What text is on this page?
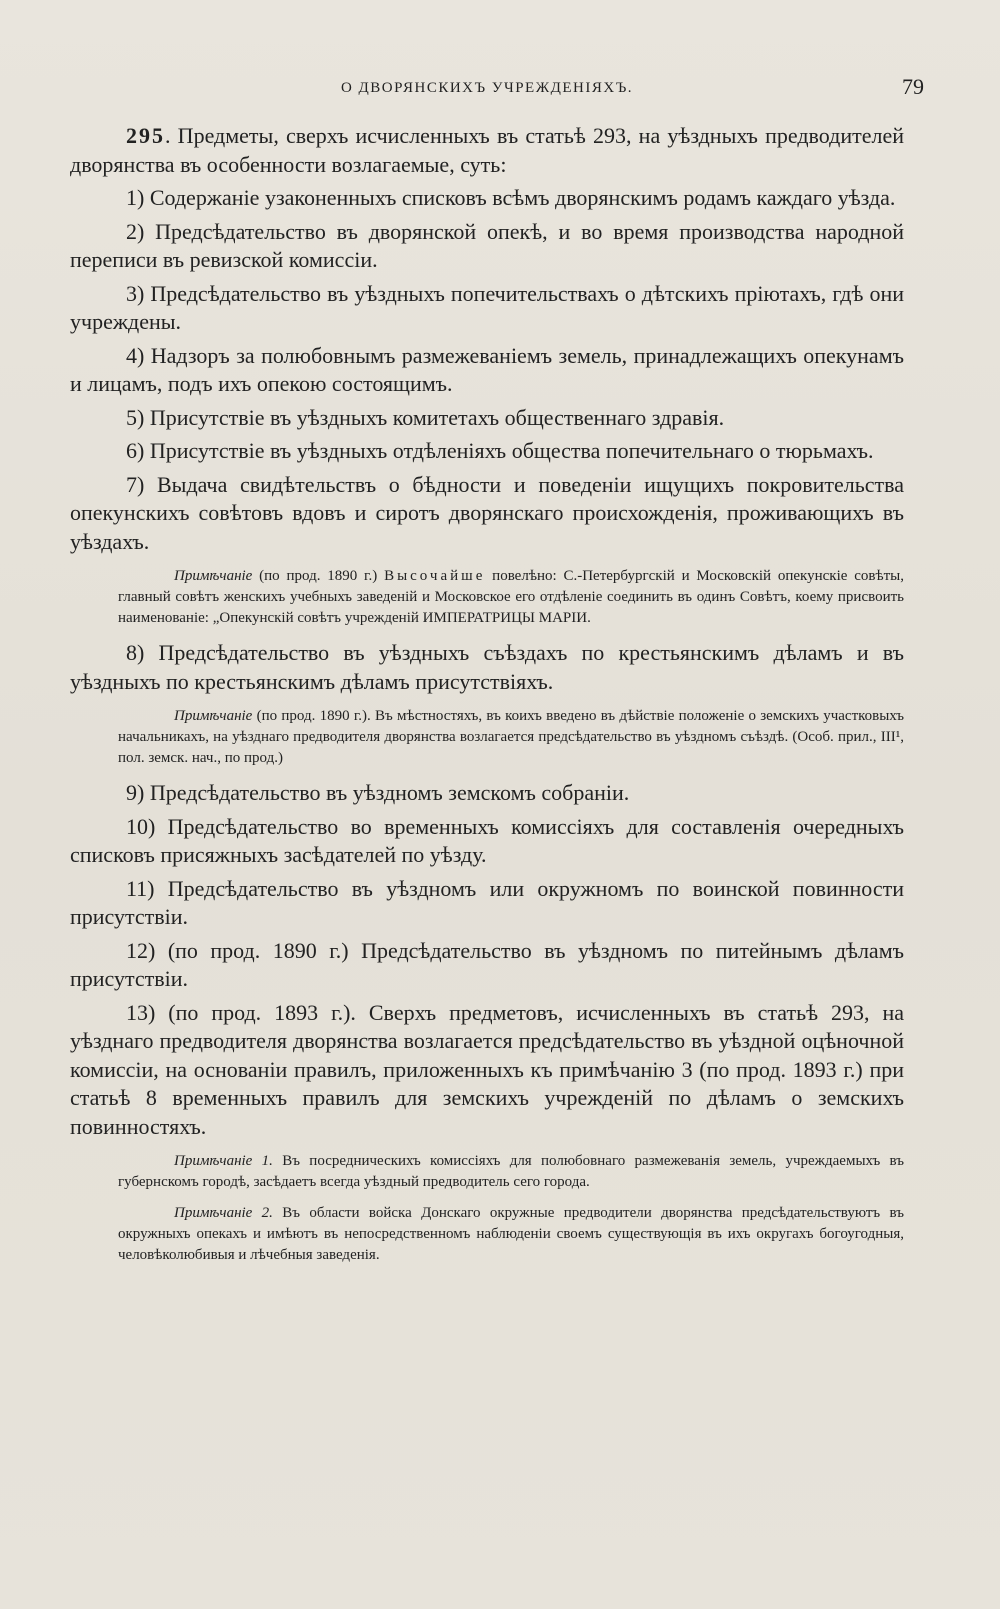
О ДВОРЯНСКИХЪ УЧРЕЖДЕНІЯХЪ.	79

295. Предметы, сверхъ исчисленныхъ въ статьѣ 293, на уѣздныхъ предводителей дворянства въ особенности возлагаемые, суть:

1) Содержаніе узаконенныхъ списковъ всѣмъ дворянскимъ родамъ каждаго уѣзда.

2) Предсѣдательство въ дворянской опекѣ, и во время производства народной переписи въ ревизской комиссіи.

3) Предсѣдательство въ уѣздныхъ попечительствахъ о дѣтскихъ пріютахъ, гдѣ они учреждены.

4) Надзоръ за полюбовнымъ размежеваніемъ земель, принадлежащихъ опекунамъ и лицамъ, подъ ихъ опекою состоящимъ.

5) Присутствіе въ уѣздныхъ комитетахъ общественнаго здравія.

6) Присутствіе въ уѣздныхъ отдѣленіяхъ общества попечительнаго о тюрьмахъ.

7) Выдача свидѣтельствъ о бѣдности и поведеніи ищущихъ покровительства опекунскихъ совѣтовъ вдовъ и сиротъ дворянскаго происхожденія, проживающихъ въ уѣздахъ.

Примѣчаніе (по прод. 1890 г.) Высочайше повелѣно: С.-Петербургскій и Московскій опекунскіе совѣты, главный совѣтъ женскихъ учебныхъ заведеній и Московское его отдѣленіе соединить въ одинъ Совѣтъ, коему присвоить наименованіе: „Опекунскій совѣтъ учрежденій ИМПЕРАТРИЦЫ МАРІИ.

8) Предсѣдательство въ уѣздныхъ съѣздахъ по крестьянскимъ дѣламъ и въ уѣздныхъ по крестьянскимъ дѣламъ присутствіяхъ.

Примѣчаніе (по прод. 1890 г.). Въ мѣстностяхъ, въ коихъ введено въ дѣйствіе положеніе о земскихъ участковыхъ начальникахъ, на уѣзднаго предводителя дворянства возлагается предсѣдательство въ уѣздномъ съѣздѣ. (Особ. прил., III¹, пол. земск. нач., по прод.)

9) Предсѣдательство въ уѣздномъ земскомъ собраніи.

10) Предсѣдательство во временныхъ комиссіяхъ для составленія очередныхъ списковъ присяжныхъ засѣдателей по уѣзду.

11) Предсѣдательство въ уѣздномъ или окружномъ по воинской повинности присутствіи.

12) (по прод. 1890 г.) Предсѣдательство въ уѣздномъ по питейнымъ дѣламъ присутствіи.

13) (по прод. 1893 г.). Сверхъ предметовъ, исчисленныхъ въ статьѣ 293, на уѣзднаго предводителя дворянства возлагается предсѣдательство въ уѣздной оцѣночной комиссіи, на основаніи правилъ, приложенныхъ къ примѣчанію 3 (по прод. 1893 г.) при статьѣ 8 временныхъ правилъ для земскихъ учрежденій по дѣламъ о земскихъ повинностяхъ.

Примѣчаніе 1. Въ посредническихъ комиссіяхъ для полюбовнаго размежеванія земель, учреждаемыхъ въ губернскомъ городѣ, засѣдаетъ всегда уѣздный предводитель сего города.

Примѣчаніе 2. Въ области войска Донскаго окружные предводители дворянства предсѣдательствуютъ въ окружныхъ опекахъ и имѣютъ въ непосредственномъ наблюденіи своемъ существующія въ ихъ округахъ богоугодныя, человѣколюбивыя и лѣчебныя заведенія.
